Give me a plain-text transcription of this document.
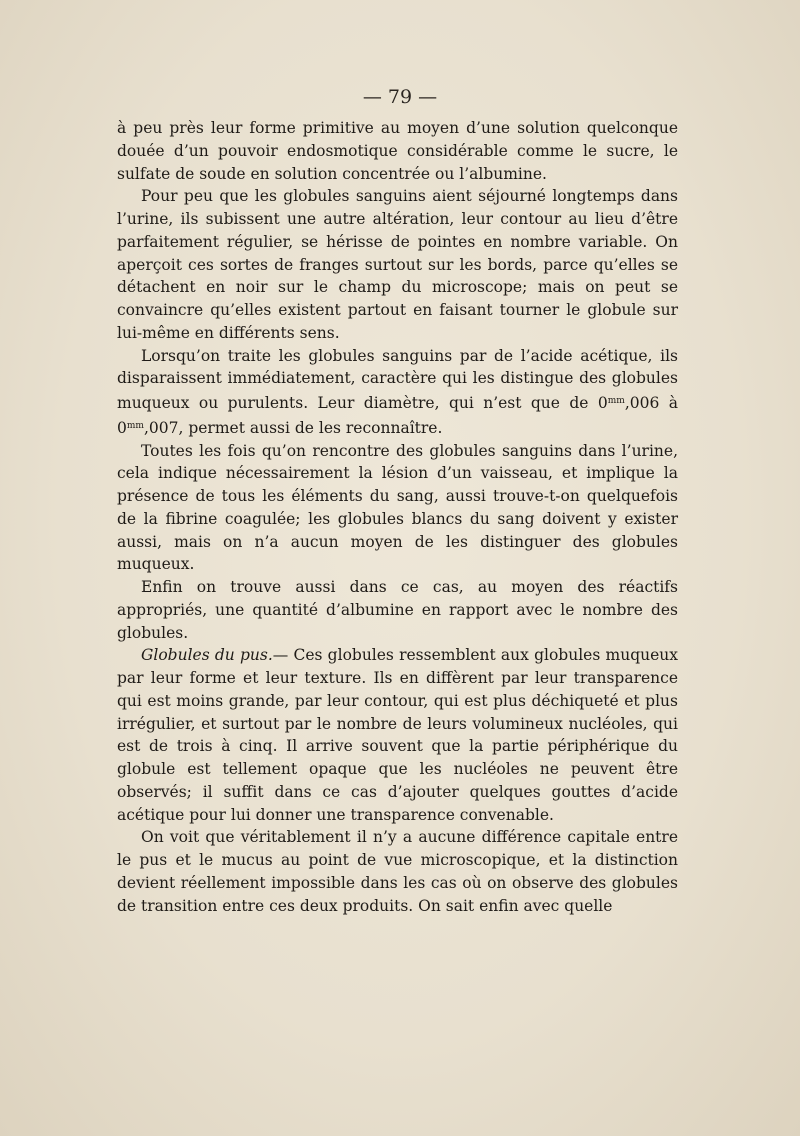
— 79 —

à peu près leur forme primitive au moyen d’une solution quelconque douée d’un pouvoir endosmotique considérable comme le sucre, le sulfate de soude en solution concentrée ou l’albumine.

Pour peu que les globules sanguins aient séjourné longtemps dans l’urine, ils subissent une autre altération, leur contour au lieu d’être parfaitement régulier, se hérisse de pointes en nombre variable. On aperçoit ces sortes de franges surtout sur les bords, parce qu’elles se détachent en noir sur le champ du microscope; mais on peut se convaincre qu’elles existent partout en faisant tourner le globule sur lui-même en différents sens.

Lorsqu’on traite les globules sanguins par de l’acide acétique, ils disparaissent immédiatement, caractère qui les distingue des globules muqueux ou purulents. Leur diamètre, qui n’est que de $0^{mm},006$ à $0^{mm},007$, permet aussi de les reconnaître.

Toutes les fois qu’on rencontre des globules sanguins dans l’urine, cela indique nécessairement la lésion d’un vaisseau, et implique la présence de tous les éléments du sang, aussi trouve-t-on quelquefois de la fibrine coagulée; les globules blancs du sang doivent y exister aussi, mais on n’a aucun moyen de les distinguer des globules muqueux.

Enfin on trouve aussi dans ce cas, au moyen des réactifs appropriés, une quantité d’albumine en rapport avec le nombre des globules.

Globules du pus.— Ces globules ressemblent aux globules muqueux par leur forme et leur texture. Ils en diffèrent par leur transparence qui est moins grande, par leur contour, qui est plus déchiqueté et plus irrégulier, et surtout par le nombre de leurs volumineux nucléoles, qui est de trois à cinq. Il arrive souvent que la partie périphérique du globule est tellement opaque que les nucléoles ne peuvent être observés; il suffit dans ce cas d’ajouter quelques gouttes d’acide acétique pour lui donner une transparence convenable.

On voit que véritablement il n’y a aucune différence capitale entre le pus et le mucus au point de vue microscopique, et la distinction devient réellement impossible dans les cas où on observe des globules de transition entre ces deux produits. On sait enfin avec quelle
